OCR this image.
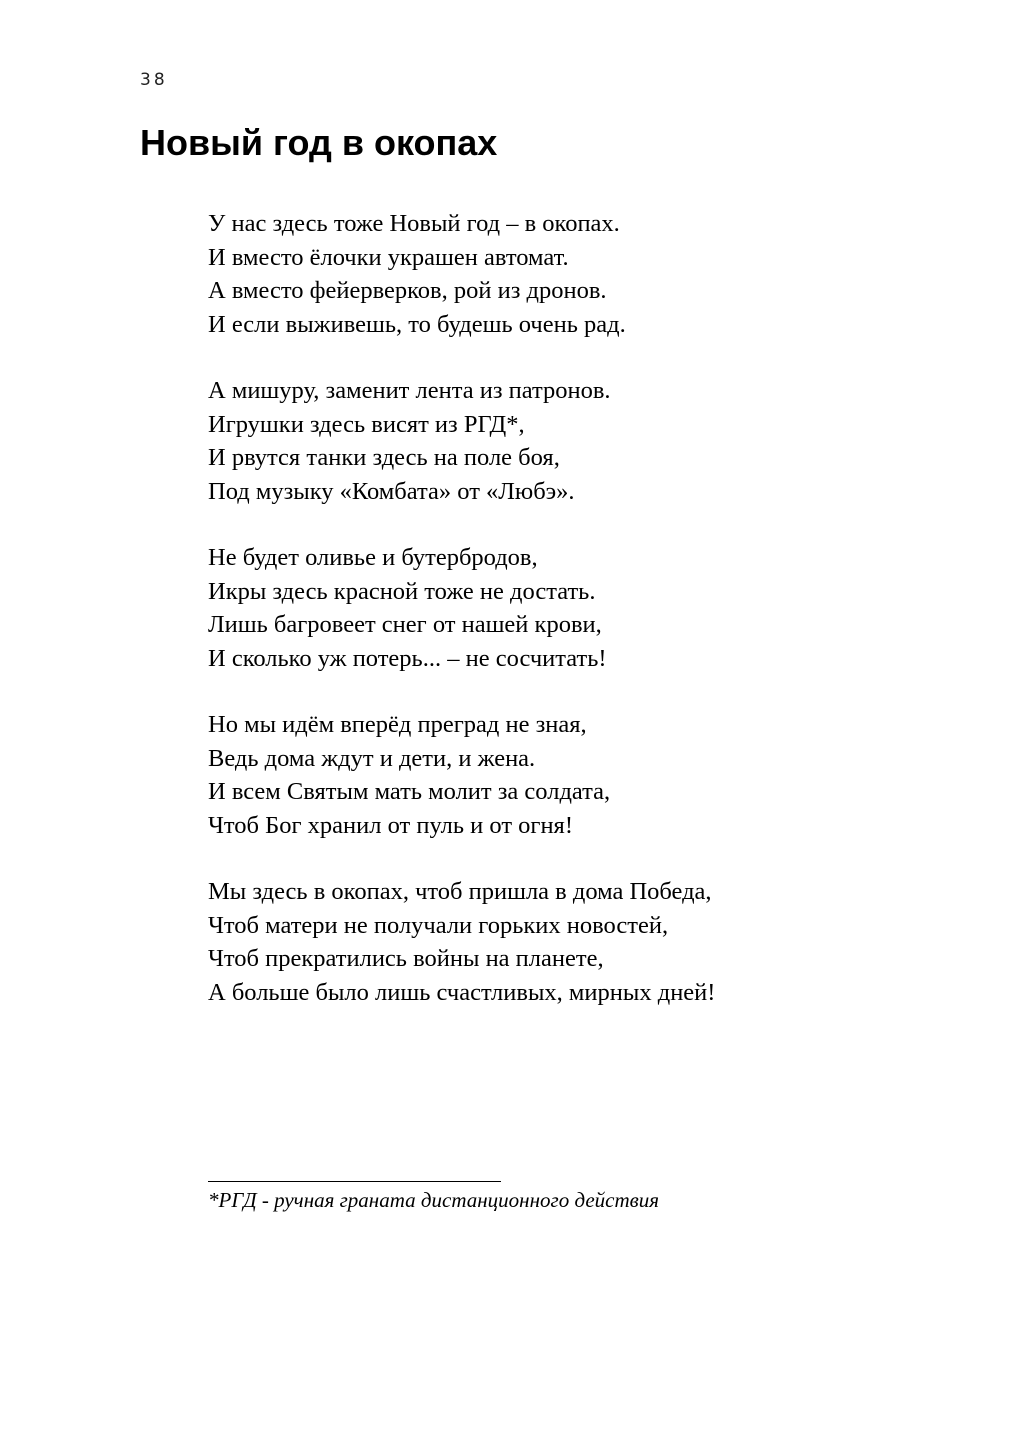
38
Новый год в окопах
У нас здесь тоже Новый год – в окопах.
И вместо ёлочки украшен автомат.
А вместо фейерверков, рой из дронов.
И если выживешь, то будешь очень рад.
А мишуру, заменит лента из патронов.
Игрушки здесь висят из РГД*,
И рвутся танки здесь на поле боя,
Под музыку «Комбата» от «Любэ».
Не будет оливье и бутербродов,
Икры здесь красной тоже не достать.
Лишь багровеет снег от нашей крови,
И сколько уж потерь... – не сосчитать!
Но мы идём вперёд преград не зная,
Ведь дома ждут и дети, и жена.
И всем Святым мать молит за солдата,
Чтоб Бог хранил от пуль и от огня!
Мы здесь в окопах, чтоб пришла в дома Победа,
Чтоб матери не получали горьких новостей,
Чтоб прекратились войны на планете,
А больше было лишь счастливых, мирных дней!
*РГД - ручная граната дистанционного действия
